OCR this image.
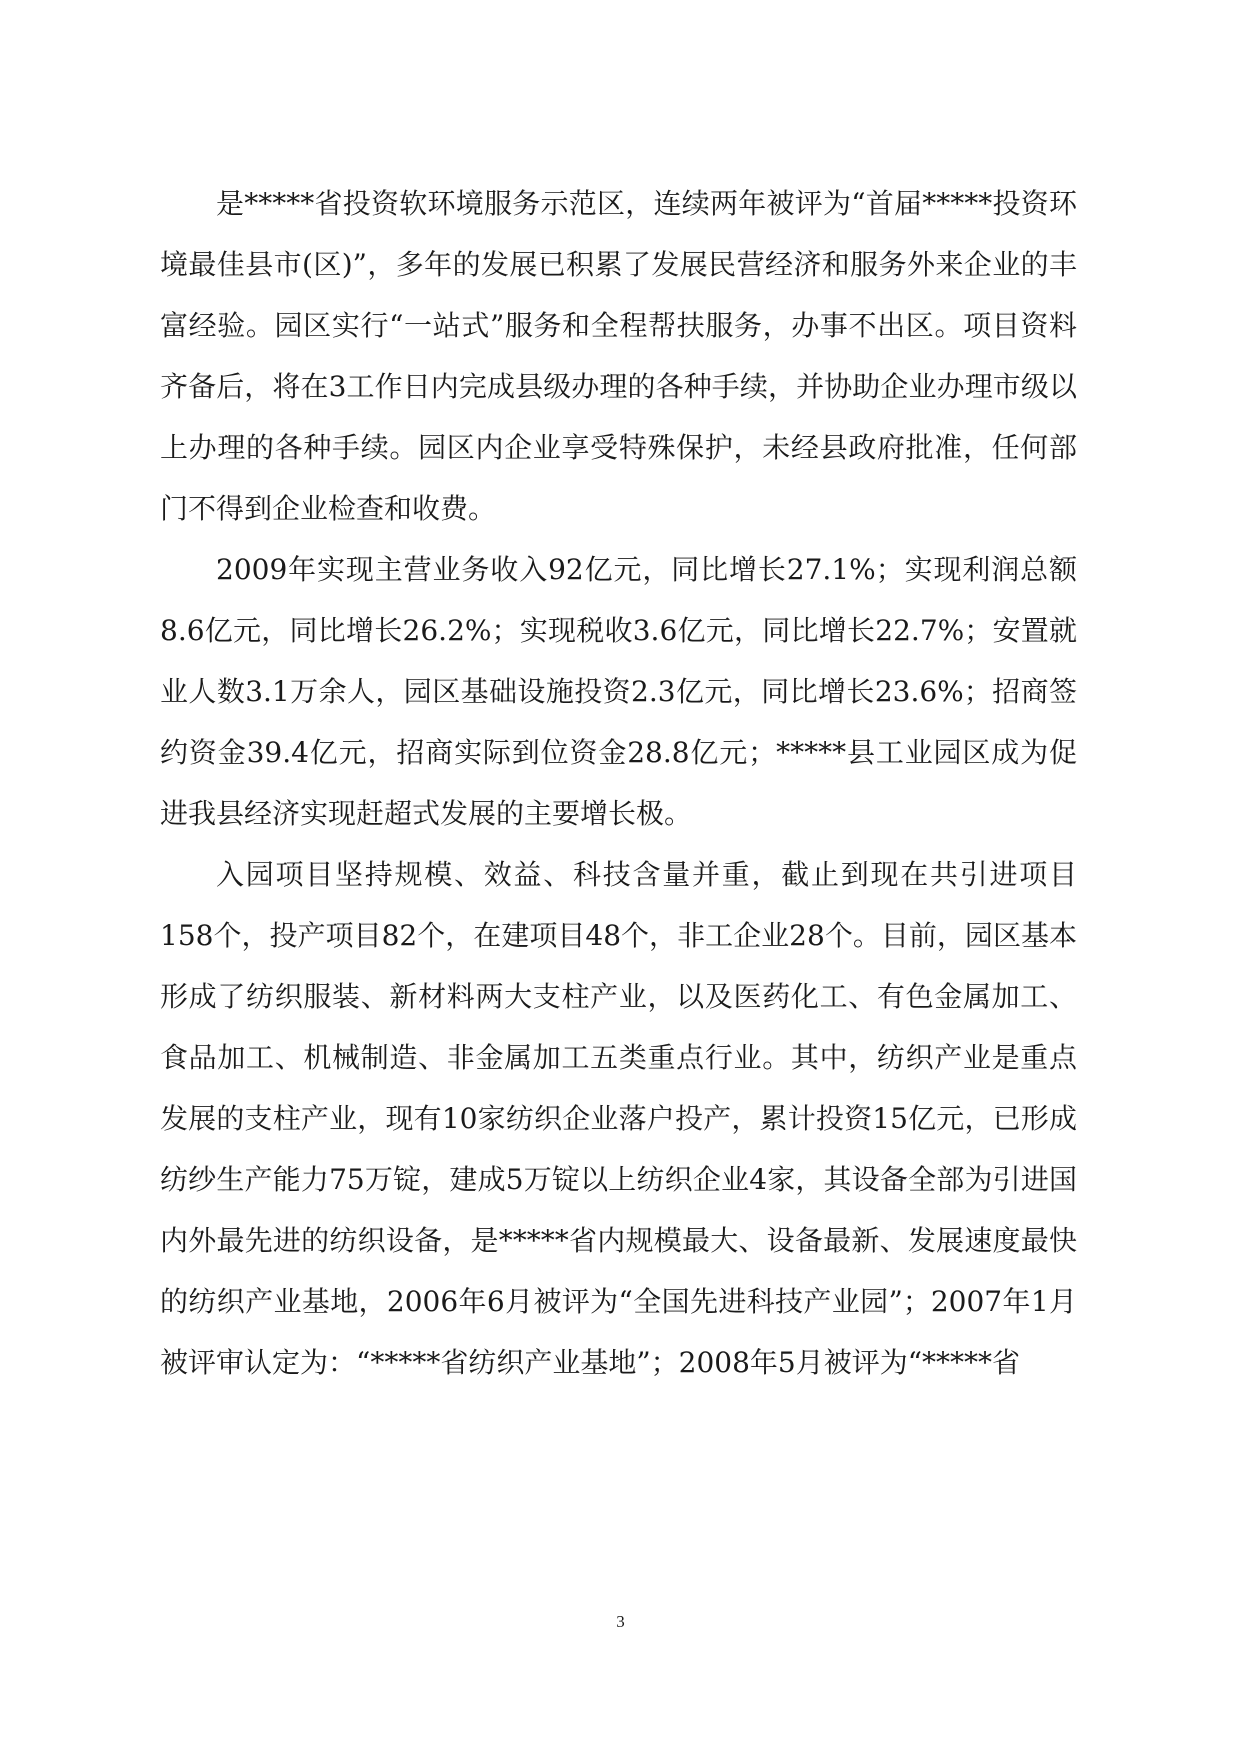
是*****省投资软环境服务示范区，连续两年被评为“首届*****投资环境最佳县市(区)”，多年的发展已积累了发展民营经济和服务外来企业的丰富经验。园区实行“一站式”服务和全程帮扶服务，办事不出区。项目资料齐备后，将在3工作日内完成县级办理的各种手续，并协助企业办理市级以上办理的各种手续。园区内企业享受特殊保护，未经县政府批准，任何部门不得到企业检查和收费。

2009年实现主营业务收入92亿元，同比增长27.1%；实现利润总额8.6亿元，同比增长26.2%；实现税收3.6亿元，同比增长22.7%；安置就业人数3.1万余人，园区基础设施投资2.3亿元，同比增长23.6%；招商签约资金39.4亿元，招商实际到位资金28.8亿元；*****县工业园区成为促进我县经济实现赶超式发展的主要增长极。

入园项目坚持规模、效益、科技含量并重，截止到现在共引进项目158个，投产项目82个，在建项目48个，非工企业28个。目前，园区基本形成了纺织服装、新材料两大支柱产业，以及医药化工、有色金属加工、食品加工、机械制造、非金属加工五类重点行业。其中，纺织产业是重点发展的支柱产业，现有10家纺织企业落户投产，累计投资15亿元，已形成纺纱生产能力75万锭，建成5万锭以上纺织企业4家，其设备全部为引进国内外最先进的纺织设备，是*****省内规模最大、设备最新、发展速度最快的纺织产业基地，2006年6月被评为“全国先进科技产业园”；2007年1月被评审认定为：“*****省纺织产业基地”；2008年5月被评为“*****省

3
